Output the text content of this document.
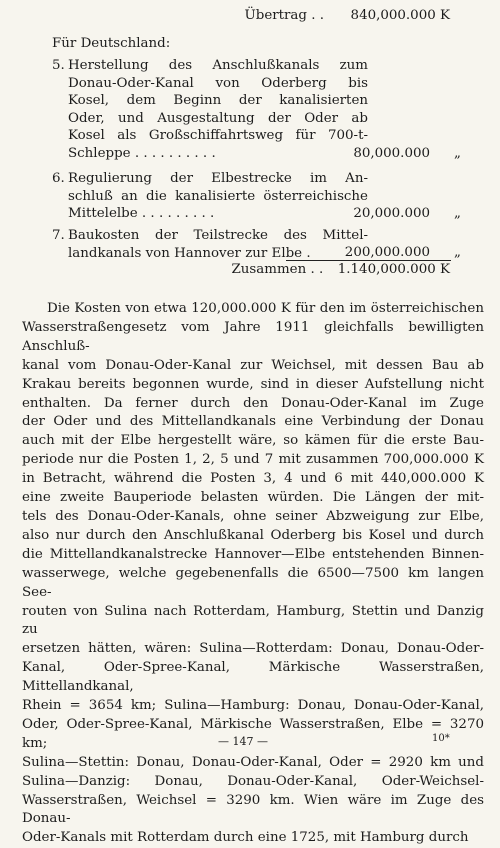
Übertrag . . 840,000.000 K
Für Deutschland:
5. Herstellung des Anschlußkanals zum
Donau-Oder-Kanal von Oderberg bis
Kosel, dem Beginn der kanalisierten
Oder, und Ausgestaltung der Oder ab
Kosel als Großschiffahrtsweg für 700-t-
Schleppe . . . . . . . . . .	80,000.000 „
6. Regulierung der Elbestrecke im An-
schluß an die kanalisierte österreichische
Mittelelbe . . . . . . . . .	20,000.000 „
7. Baukosten der Teilstrecke des Mittel-
landkanals von Hannover zur Elbe .	200,000.000 „
Zusammen . . 1.140,000.000 K
Die Kosten von etwa 120,000.000 K für den im österreichischen
Wasserstraßengesetz vom Jahre 1911 gleichfalls bewilligten Anschluß-
kanal vom Donau-Oder-Kanal zur Weichsel, mit dessen Bau ab
Krakau bereits begonnen wurde, sind in dieser Aufstellung nicht
enthalten. Da ferner durch den Donau-Oder-Kanal im Zuge
der Oder und des Mittellandkanals eine Verbindung der Donau
auch mit der Elbe hergestellt wäre, so kämen für die erste Bau-
periode nur die Posten 1, 2, 5 und 7 mit zusammen 700,000.000 K
in Betracht, während die Posten 3, 4 und 6 mit 440,000.000 K
eine zweite Bauperiode belasten würden. Die Längen der mit-
tels des Donau-Oder-Kanals, ohne seiner Abzweigung zur Elbe,
also nur durch den Anschlußkanal Oderberg bis Kosel und durch
die Mittellandkanalstrecke Hannover—Elbe entstehenden Binnen-
wasserwege, welche gegebenenfalls die 6500—7500 km langen See-
routen von Sulina nach Rotterdam, Hamburg, Stettin und Danzig zu
ersetzen hätten, wären: Sulina—Rotterdam: Donau, Donau-Oder-
Kanal, Oder-Spree-Kanal, Märkische Wasserstraßen, Mittellandkanal,
Rhein = 3654 km; Sulina—Hamburg: Donau, Donau-Oder-Kanal,
Oder, Oder-Spree-Kanal, Märkische Wasserstraßen, Elbe = 3270 km;
Sulina—Stettin: Donau, Donau-Oder-Kanal, Oder = 2920 km und
Sulina—Danzig: Donau, Donau-Oder-Kanal, Oder-Weichsel-
Wasserstraßen, Weichsel = 3290 km. Wien wäre im Zuge des Donau-
Oder-Kanals mit Rotterdam durch eine 1725, mit Hamburg durch
— 147 —	10*
